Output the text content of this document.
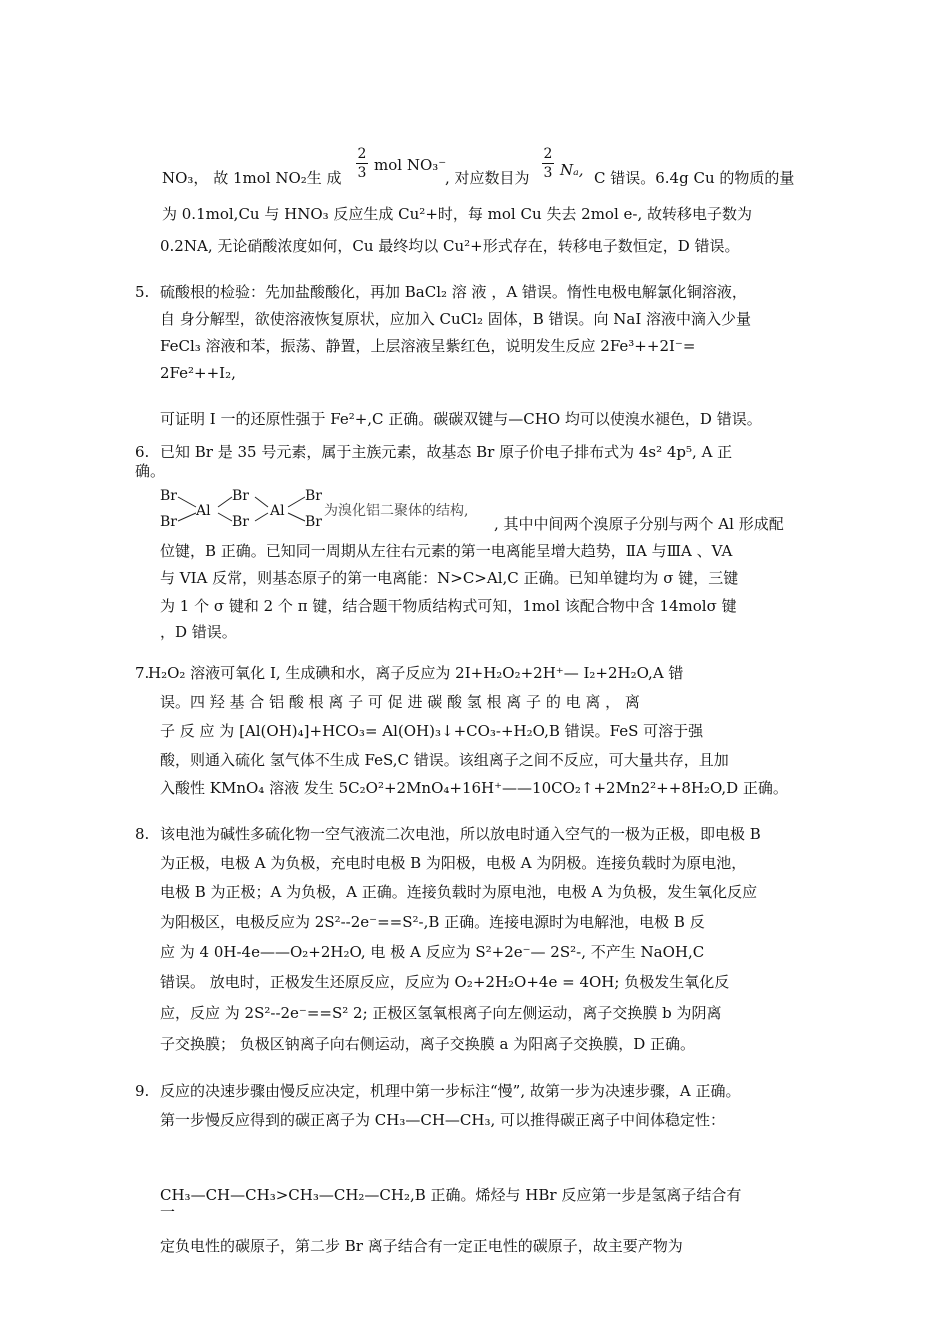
NO₃， 故 1mol NO₂生 成
2
3 mol NO₃⁻
, 对应数目为
2
3 Nₐ, C 错误。6.4g Cu 的物质的量
为 0.1mol,Cu 与 HNO₃ 反应生成 Cu²+时，每 mol Cu 失去 2mol e-, 故转移电子数为
0.2NA, 无论硝酸浓度如何，Cu 最终均以 Cu²+形式存在，转移电子数恒定，D 错误。
5. 硫酸根的检验：先加盐酸酸化，再加 BaCl₂ 溶 液 ，A 错误。惰性电极电解氯化铜溶液，
自 身分解型，欲使溶液恢复原状，应加入 CuCl₂ 固体，B 错误。向 NaI 溶液中滴入少量
FeCl₃ 溶液和苯，振荡、静置，上层溶液呈紫红色，说明发生反应 2Fe³++2I⁻=
2Fe²++I₂,
可证明 I 一的还原性强于 Fe²+,C 正确。碳碳双键与—CHO 均可以使溴水褪色，D 错误。
6. 已知 Br 是 35 号元素，属于主族元素，故基态 Br 原子价电子排布式为 4s² 4p⁵, A 正
确。
Br
Br
Al
Br
Br
Al
Br
Br
为溴化铝二聚体的结构,
, 其中中间两个溴原子分别与两个 Al 形成配
位键，B 正确。已知同一周期从左往右元素的第一电离能呈增大趋势，ⅡA 与ⅢA 、VA
与 VIA 反常，则基态原子的第一电离能：N>C>Al,C 正确。已知单键均为 σ 键，三键
为 1 个 σ 键和 2 个 π 键，结合题干物质结构式可知，1mol 该配合物中含 14molσ 键
，D 错误。
7.
H₂O₂ 溶液可氧化 I, 生成碘和水，离子反应为 2I+H₂O₂+2H⁺— I₂+2H₂O,A 错
误。四 羟 基 合 铝 酸 根 离 子 可 促 进 碳 酸 氢 根 离 子 的 电 离 ， 离
子 反 应 为 [Al(OH)₄]+HCO₃= Al(OH)₃↓+CO₃-+H₂O,B 错误。FeS 可溶于强
酸，则通入硫化 氢气体不生成 FeS,C 错误。该组离子之间不反应，可大量共存，且加
入酸性 KMnO₄ 溶液 发生 5C₂O²+2MnO₄+16H⁺——10CO₂↑+2Mn2²++8H₂O,D 正确。
8. 该电池为碱性多硫化物一空气液流二次电池，所以放电时通入空气的一极为正极，即电极 B
为正极，电极 A 为负极，充电时电极 B 为阳极，电极 A 为阴极。连接负载时为原电池，
电极 B 为正极；A 为负极，A 正确。连接负载时为原电池，电极 A 为负极，发生氧化反应
为阳极区，电极反应为 2S²--2e⁻==S²-,B 正确。连接电源时为电解池，电极 B 反
应 为 4 0H-4e——O₂+2H₂O, 电 极 A 反应为 S²+2e⁻— 2S²-, 不产生 NaOH,C
错误。 放电时，正极发生还原反应，反应为 O₂+2H₂O+4e = 4OH; 负极发生氧化反
应，反应 为 2S²--2e⁻==S² 2; 正极区氢氧根离子向左侧运动，离子交换膜 b 为阴离
子交换膜； 负极区钠离子向右侧运动，离子交换膜 a 为阳离子交换膜，D 正确。
9. 反应的决速步骤由慢反应决定，机理中第一步标注“慢”, 故第一步为决速步骤，A 正确。
第一步慢反应得到的碳正离子为 CH₃—CH—CH₃, 可以推得碳正离子中间体稳定性：
CH₃—CH—CH₃>CH₃—CH₂—CH₂,B 正确。烯烃与 HBr 反应第一步是氢离子结合有
一
定负电性的碳原子，第二步 Br 离子结合有一定正电性的碳原子，故主要产物为
